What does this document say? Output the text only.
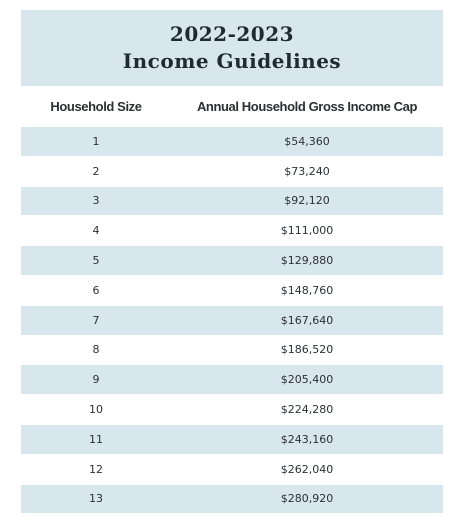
2022-2023
Income Guidelines
Household Size	Annual Household Gross Income Cap
1	$54,360
2	$73,240
3	$92,120
4	$111,000
5	$129,880
6	$148,760
7	$167,640
8	$186,520
9	$205,400
10	$224,280
11	$243,160
12	$262,040
13	$280,920
